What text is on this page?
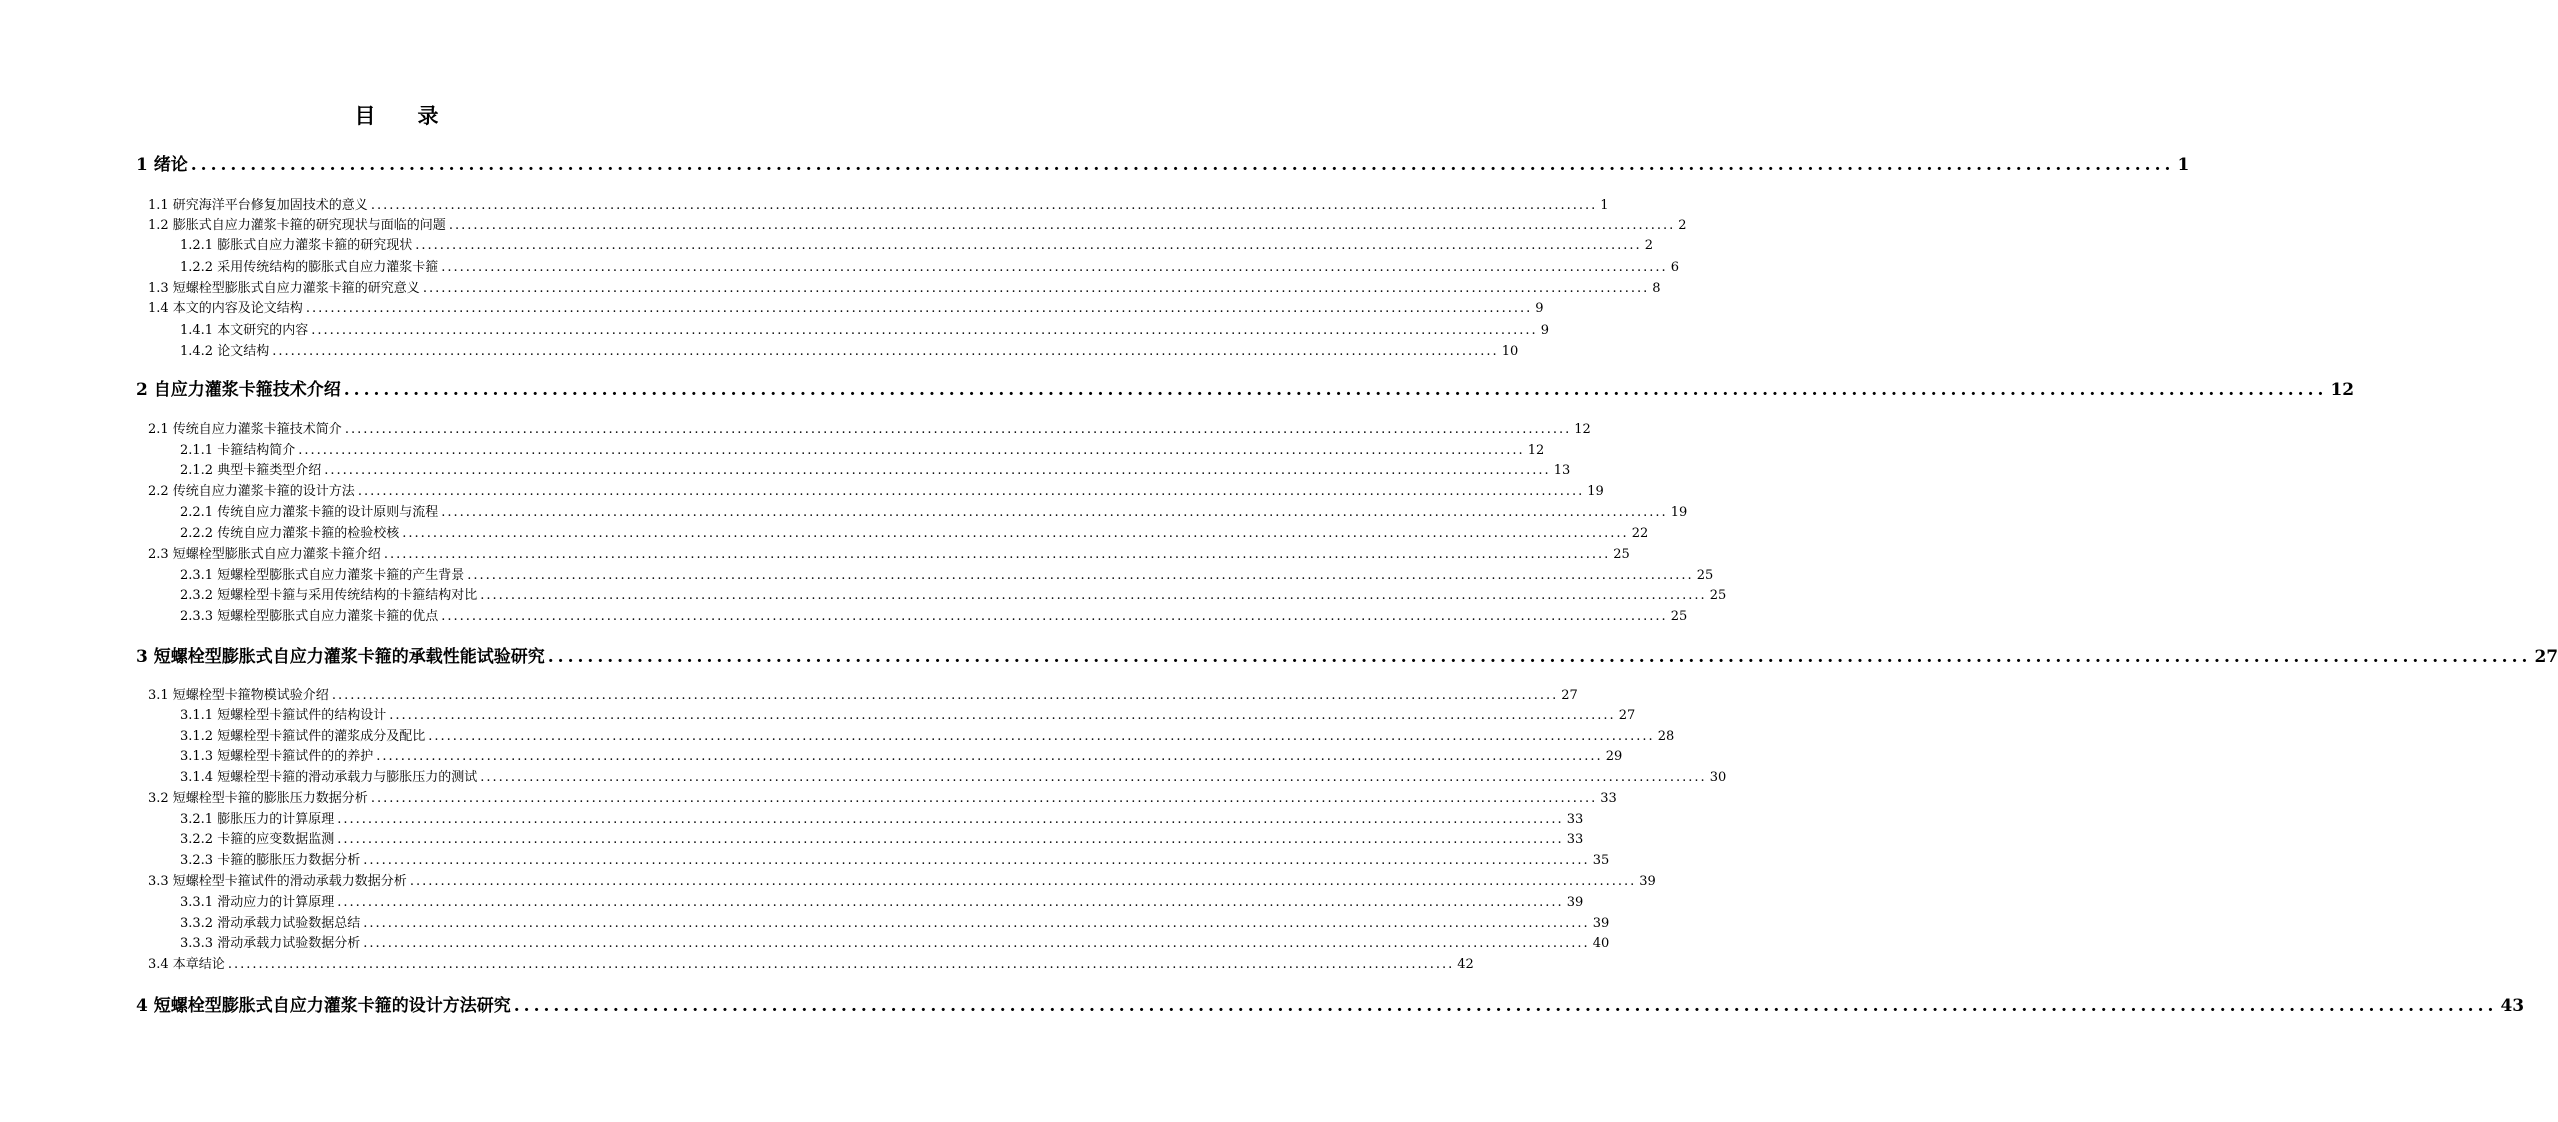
目　　录
1 绪论 ........................................................................................................................................................................................................ 1
1.1 研究海洋平台修复加固技术的意义 ........................................................................................................................................................................................................ 1
1.2 膨胀式自应力灌浆卡箍的研究现状与面临的问题 ........................................................................................................................................................................................................ 2
1.2.1 膨胀式自应力灌浆卡箍的研究现状 ........................................................................................................................................................................................................ 2
1.2.2 采用传统结构的膨胀式自应力灌浆卡箍 ........................................................................................................................................................................................................ 6
1.3 短螺栓型膨胀式自应力灌浆卡箍的研究意义 ........................................................................................................................................................................................................ 8
1.4 本文的内容及论文结构 ........................................................................................................................................................................................................ 9
1.4.1 本文研究的内容 ........................................................................................................................................................................................................ 9
1.4.2 论文结构 ........................................................................................................................................................................................................ 10
2 自应力灌浆卡箍技术介绍 ........................................................................................................................................................................................................ 12
2.1 传统自应力灌浆卡箍技术简介 ........................................................................................................................................................................................................ 12
2.1.1 卡箍结构简介 ........................................................................................................................................................................................................ 12
2.1.2 典型卡箍类型介绍 ........................................................................................................................................................................................................ 13
2.2 传统自应力灌浆卡箍的设计方法 ........................................................................................................................................................................................................ 19
2.2.1 传统自应力灌浆卡箍的设计原则与流程 ........................................................................................................................................................................................................ 19
2.2.2 传统自应力灌浆卡箍的检验校核 ........................................................................................................................................................................................................ 22
2.3 短螺栓型膨胀式自应力灌浆卡箍介绍 ........................................................................................................................................................................................................ 25
2.3.1 短螺栓型膨胀式自应力灌浆卡箍的产生背景 ........................................................................................................................................................................................................ 25
2.3.2 短螺栓型卡箍与采用传统结构的卡箍结构对比 ........................................................................................................................................................................................................ 25
2.3.3 短螺栓型膨胀式自应力灌浆卡箍的优点 ........................................................................................................................................................................................................ 25
3 短螺栓型膨胀式自应力灌浆卡箍的承载性能试验研究 ........................................................................................................................................................................................................ 27
3.1 短螺栓型卡箍物模试验介绍 ........................................................................................................................................................................................................ 27
3.1.1 短螺栓型卡箍试件的结构设计 ........................................................................................................................................................................................................ 27
3.1.2 短螺栓型卡箍试件的灌浆成分及配比 ........................................................................................................................................................................................................ 28
3.1.3 短螺栓型卡箍试件的的养护 ........................................................................................................................................................................................................ 29
3.1.4 短螺栓型卡箍的滑动承载力与膨胀压力的测试 ........................................................................................................................................................................................................ 30
3.2 短螺栓型卡箍的膨胀压力数据分析 ........................................................................................................................................................................................................ 33
3.2.1 膨胀压力的计算原理 ........................................................................................................................................................................................................ 33
3.2.2 卡箍的应变数据监测 ........................................................................................................................................................................................................ 33
3.2.3 卡箍的膨胀压力数据分析 ........................................................................................................................................................................................................ 35
3.3 短螺栓型卡箍试件的滑动承载力数据分析 ........................................................................................................................................................................................................ 39
3.3.1 滑动应力的计算原理 ........................................................................................................................................................................................................ 39
3.3.2 滑动承载力试验数据总结 ........................................................................................................................................................................................................ 39
3.3.3 滑动承载力试验数据分析 ........................................................................................................................................................................................................ 40
3.4 本章结论 ........................................................................................................................................................................................................ 42
4 短螺栓型膨胀式自应力灌浆卡箍的设计方法研究 ........................................................................................................................................................................................................ 43
